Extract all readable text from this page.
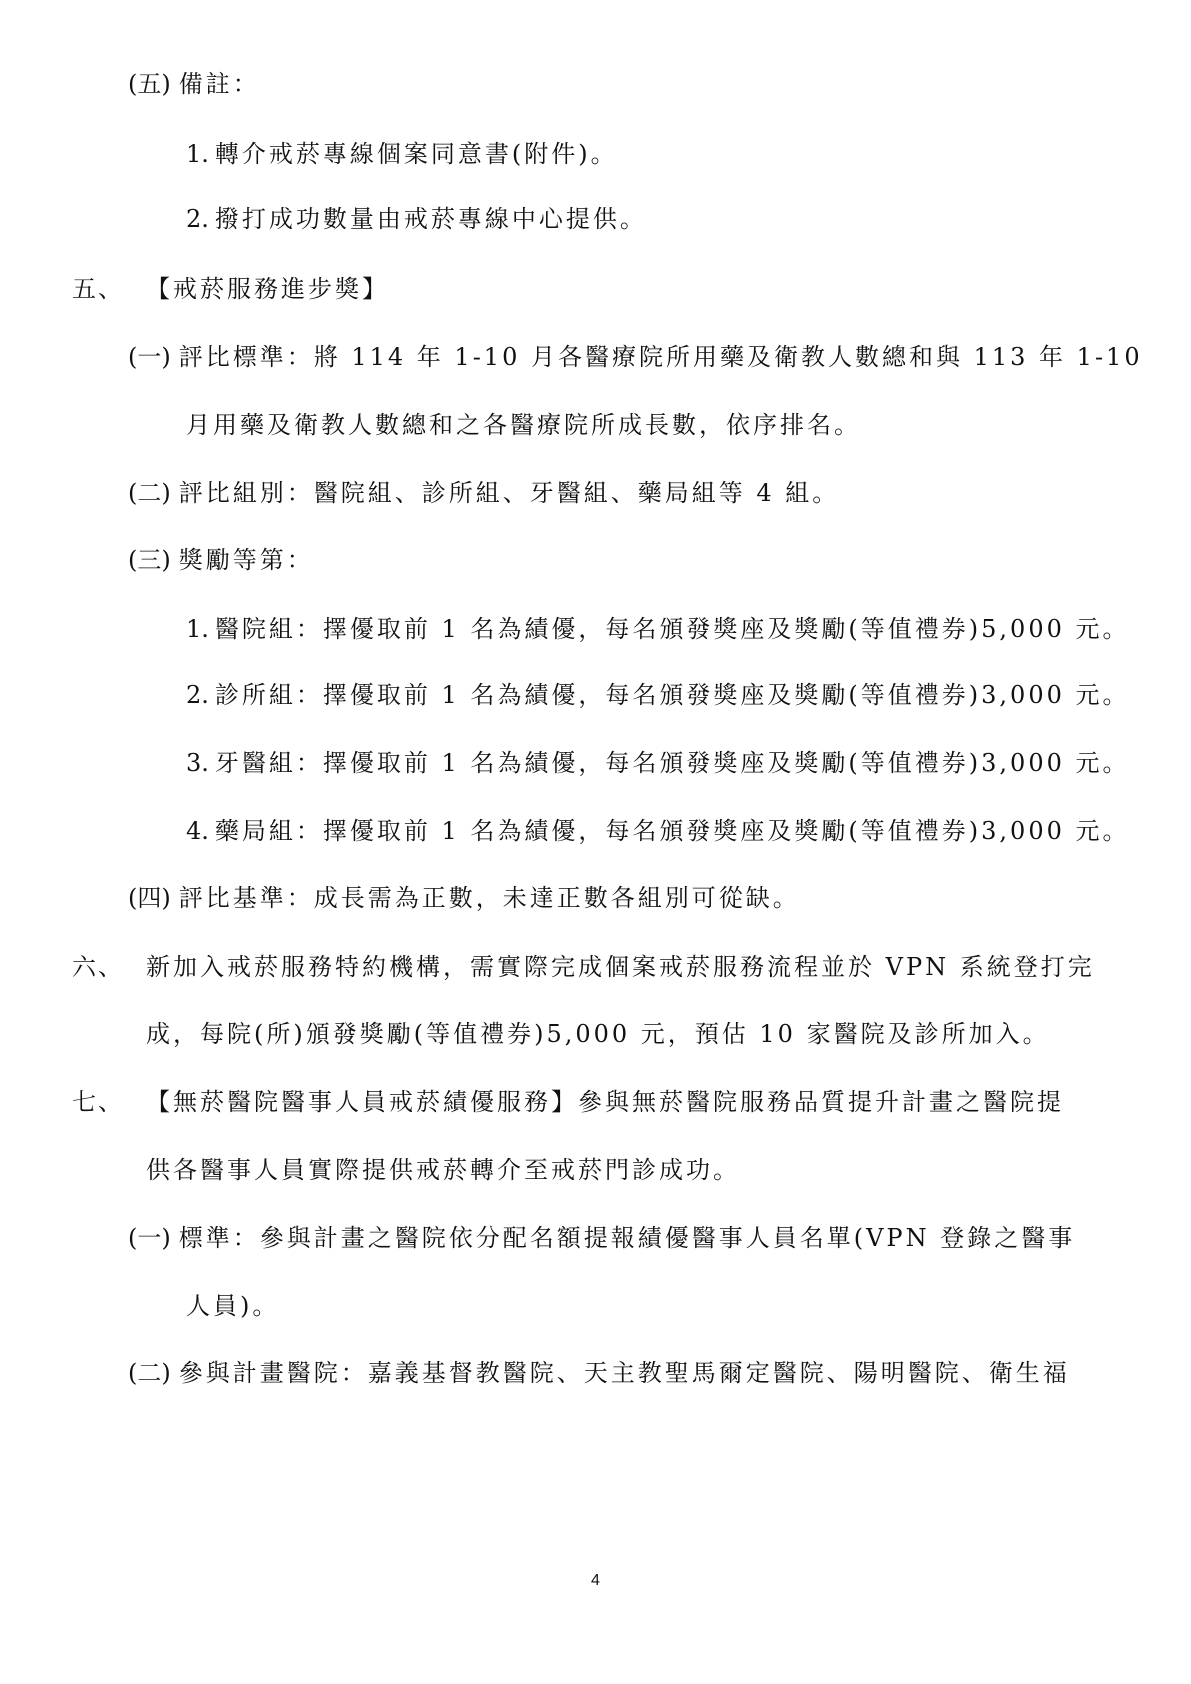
(五) 備註：
1. 轉介戒菸專線個案同意書(附件)。
2. 撥打成功數量由戒菸專線中心提供。
五、 【戒菸服務進步獎】
(一) 評比標準：將 114 年 1-10 月各醫療院所用藥及衛教人數總和與 113 年 1-10
月用藥及衛教人數總和之各醫療院所成長數，依序排名。
(二) 評比組別：醫院組、診所組、牙醫組、藥局組等 4 組。
(三) 獎勵等第：
1. 醫院組：擇優取前 1 名為績優，每名頒發獎座及獎勵(等值禮券)5,000 元。
2. 診所組：擇優取前 1 名為績優，每名頒發獎座及獎勵(等值禮券)3,000 元。
3. 牙醫組：擇優取前 1 名為績優，每名頒發獎座及獎勵(等值禮券)3,000 元。
4. 藥局組：擇優取前 1 名為績優，每名頒發獎座及獎勵(等值禮券)3,000 元。
(四) 評比基準：成長需為正數，未達正數各組別可從缺。
六、 新加入戒菸服務特約機構，需實際完成個案戒菸服務流程並於 VPN 系統登打完
成，每院(所)頒發獎勵(等值禮券)5,000 元，預估 10 家醫院及診所加入。
七、 【無菸醫院醫事人員戒菸績優服務】參與無菸醫院服務品質提升計畫之醫院提
供各醫事人員實際提供戒菸轉介至戒菸門診成功。
(一) 標準：參與計畫之醫院依分配名額提報績優醫事人員名單(VPN 登錄之醫事
人員)。
(二) 參與計畫醫院：嘉義基督教醫院、天主教聖馬爾定醫院、陽明醫院、衛生福
4
